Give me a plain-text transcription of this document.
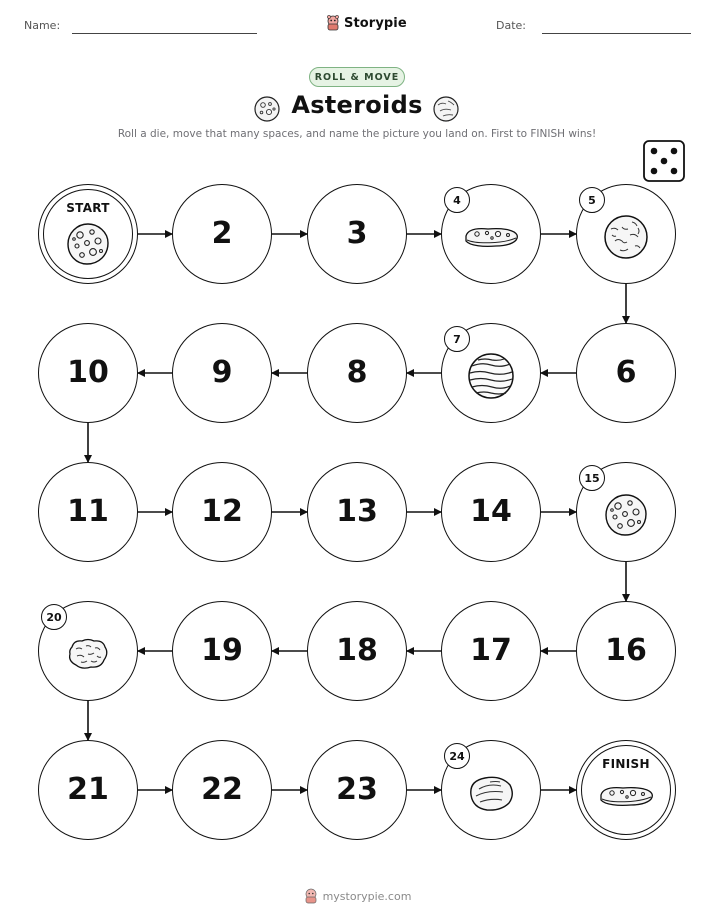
Name:	Date:
Storypie
ROLL & MOVE
Asteroids
Roll a die, move that many spaces, and name the picture you land on. First to FINISH wins!
START
2	3
4	5
6
7
8
9
10
11	12	13	14
15
16
17
18
19
20
21	22	23
24
FINISH
mystorypie.com
